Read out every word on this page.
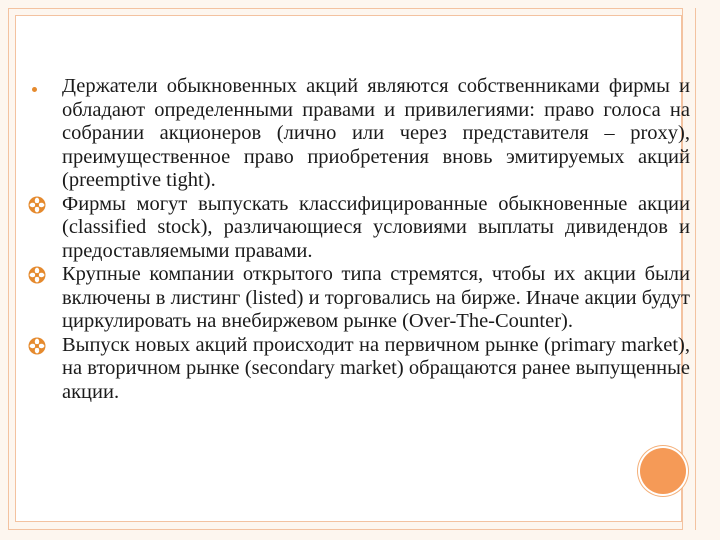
Держатели обыкновенных акций являются собственниками фирмы и обладают определенными правами и привилегиями: право голоса на собрании акционеров (лично или через представителя – proxy), преимущественное право приобретения вновь эмитируемых акций (preemptive tight).
Фирмы могут выпускать классифицированные обыкновенные акции (classified stock), различающиеся условиями выплаты дивидендов и предоставляемыми правами.
Крупные компании открытого типа стремятся, чтобы их акции были включены в листинг (listed) и торговались на бирже. Иначе акции будут циркулировать на внебиржевом рынке (Over-The-Counter).
Выпуск новых акций происходит на первичном рынке (primary market), на вторичном рынке (secondary market) обращаются ранее выпущенные акции.
